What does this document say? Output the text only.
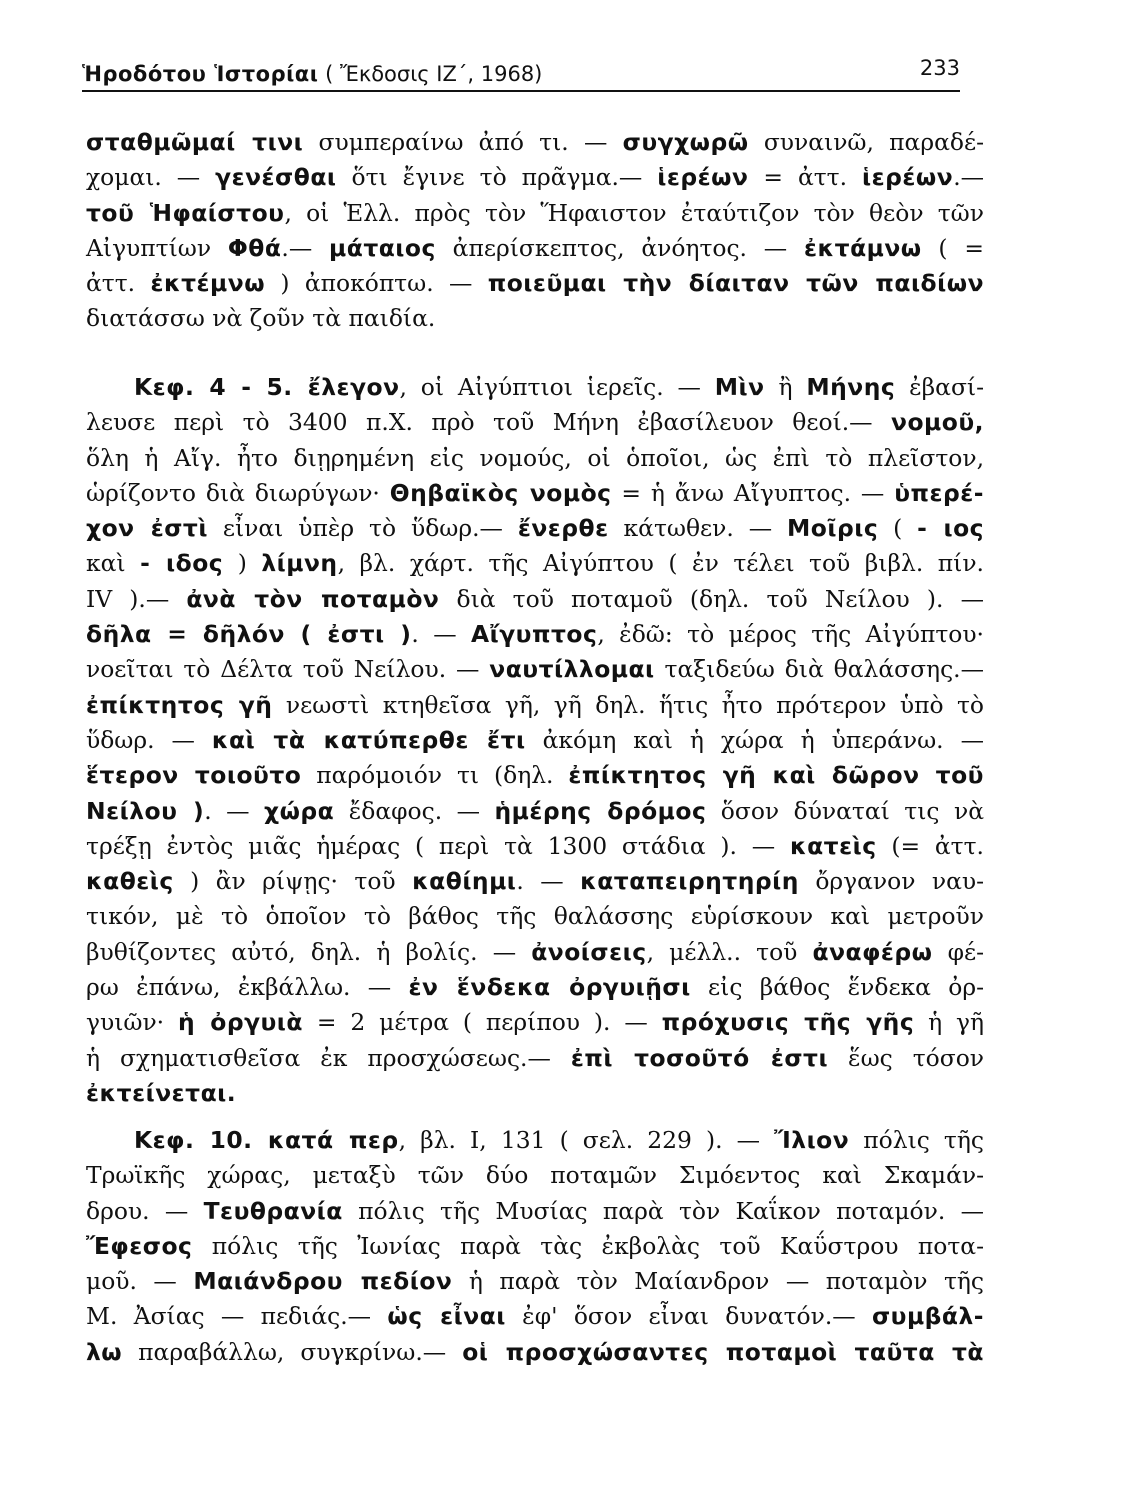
Ἡροδότου Ἱστορίαι ( Ἔκδοσις ΙΖ΄, 1968)	233
σταθμῶμαί τινι συμπεραίνω ἀπό τι. — συγχωρῶ συναινῶ, παραδέ-
χομαι. — γενέσθαι ὅτι ἔγινε τὸ πρᾶγμα.— ἱερέων = ἀττ. ἱερέων.—
τοῦ Ἡφαίστου, οἱ Ἑλλ. πρὸς τὸν Ἥφαιστον ἐταύτιζον τὸν θεὸν τῶν
Αἰγυπτίων Φθά.— μάταιος ἀπερίσκεπτος, ἀνόητος. — ἐκτάμνω ( =
ἀττ. ἐκτέμνω ) ἀποκόπτω. — ποιεῦμαι τὴν δίαιταν τῶν παιδίων
διατάσσω νὰ ζοῦν τὰ παιδία.
Κεφ. 4 - 5. ἔλεγον, οἱ Αἰγύπτιοι ἱερεῖς. — Μὶν ἢ Μήνης ἐβασί-
λευσε περὶ τὸ 3400 π.Χ. πρὸ τοῦ Μήνη ἐβασίλευον θεοί.— νομοῦ,
ὅλη ἡ Αἴγ. ἦτο διῃρημένη εἰς νομούς, οἱ ὁποῖοι, ὡς ἐπὶ τὸ πλεῖστον,
ὡρίζοντο διὰ διωρύγων· Θηβαϊκὸς νομὸς = ἡ ἄνω Αἴγυπτος. — ὑπερέ-
χον ἐστὶ εἶναι ὑπὲρ τὸ ὕδωρ.— ἔνερθε κάτωθεν. — Μοῖρις ( - ιος
καὶ - ιδος ) λίμνη, βλ. χάρτ. τῆς Αἰγύπτου ( ἐν τέλει τοῦ βιβλ. πίν.
IV ).— ἀνὰ τὸν ποταμὸν διὰ τοῦ ποταμοῦ (δηλ. τοῦ Νείλου ). —
δῆλα = δῆλόν ( ἐστι ). — Αἴγυπτος, ἐδῶ: τὸ μέρος τῆς Αἰγύπτου·
νοεῖται τὸ Δέλτα τοῦ Νείλου. — ναυτίλλομαι ταξιδεύω διὰ θαλάσσης.—
ἐπίκτητος γῆ νεωστὶ κτηθεῖσα γῆ, γῆ δηλ. ἥτις ἦτο πρότερον ὑπὸ τὸ
ὕδωρ. — καὶ τὰ κατύπερθε ἔτι ἀκόμη καὶ ἡ χώρα ἡ ὑπεράνω. —
ἕτερον τοιοῦτο παρόμοιόν τι (δηλ. ἐπίκτητος γῆ καὶ δῶρον τοῦ
Νείλου ). — χώρα ἔδαφος. — ἡμέρης δρόμος ὅσον δύναταί τις νὰ
τρέξῃ ἐντὸς μιᾶς ἡμέρας ( περὶ τὰ 1300 στάδια ). — κατεὶς (= ἀττ.
καθεὶς ) ἂν ρίψῃς· τοῦ καθίημι. — καταπειρητηρίη ὄργανον ναυ-
τικόν, μὲ τὸ ὁποῖον τὸ βάθος τῆς θαλάσσης εὑρίσκουν καὶ μετροῦν
βυθίζοντες αὐτό, δηλ. ἡ βολίς. — ἀνοίσεις, μέλλ.. τοῦ ἀναφέρω φέ-
ρω ἐπάνω, ἐκβάλλω. — ἐν ἕνδεκα ὀργυιῇσι εἰς βάθος ἕνδεκα ὀρ-
γυιῶν· ἡ ὀργυιὰ = 2 μέτρα ( περίπου ). — πρόχυσις τῆς γῆς ἡ γῆ
ἡ σχηματισθεῖσα ἐκ προσχώσεως.— ἐπὶ τοσοῦτό ἐστι ἕως τόσον
ἐκτείνεται.
Κεφ. 10. κατά περ, βλ. I, 131 ( σελ. 229 ). — Ἴλιον πόλις τῆς
Τρωϊκῆς χώρας, μεταξὺ τῶν δύο ποταμῶν Σιμόεντος καὶ Σκαμάν-
δρου. — Τευθρανία πόλις τῆς Μυσίας παρὰ τὸν Καΐκον ποταμόν. —
Ἔφεσος πόλις τῆς Ἰωνίας παρὰ τὰς ἐκβολὰς τοῦ Καΰστρου ποτα-
μοῦ. — Μαιάνδρου πεδίον ἡ παρὰ τὸν Μαίανδρον — ποταμὸν τῆς
Μ. Ἀσίας — πεδιάς.— ὡς εἶναι ἐφ' ὅσον εἶναι δυνατόν.— συμβάλ-
λω παραβάλλω, συγκρίνω.— οἱ προσχώσαντες ποταμοὶ ταῦτα τὰ
